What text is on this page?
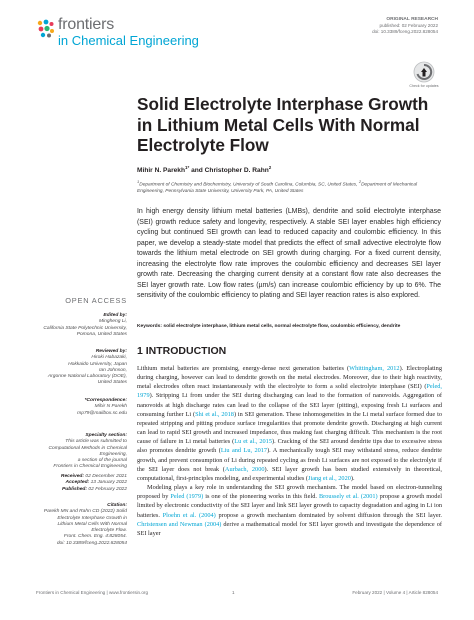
frontiers
in Chemical Engineering
ORIGINAL RESEARCH
published: 02 February 2022
doi: 10.3389/fceng.2022.828054
Check for updates
Solid Electrolyte Interphase Growth in Lithium Metal Cells With Normal Electrolyte Flow
Mihir N. Parekh$^{1*}$ and Christopher D. Rahn$^2$
$^1$Department of Chemistry and Biochemistry, University of South Carolina, Columbia, SC, United States, $^2$Department of Mechanical Engineering, Pennsylvania State University, University Park, PA, United States
In high energy density lithium metal batteries (LMBs), dendrite and solid electrolyte interphase (SEI) growth reduce safety and longevity, respectively. A stable SEI layer enables high efficiency cycling but continued SEI growth can lead to reduced capacity and coulombic efficiency. In this paper, we develop a steady-state model that predicts the effect of small advective electrolyte flow towards the lithium metal electrode on SEI growth during charging. For a fixed current density, increasing the electrolyte flow rate improves the coulombic efficiency and decreases SEI layer growth rate. Decreasing the charging current density at a constant flow rate also decreases the SEI layer growth rate. Low flow rates (µm/s) can increase coulombic efficiency by up to 6%. The sensitivity of the coulombic efficiency to plating and SEI layer reaction rates is also explored.
Keywords: solid electrolyte interphase, lithium metal cells, normal electrolyte flow, coulombic efficiency, dendrite
1 INTRODUCTION
Lithium metal batteries are promising, energy-dense next generation batteries (Whittingham, 2012). Electroplating during charging, however can lead to dendrite growth on the metal electrodes. Moreover, due to their high reactivity, metal electrodes often react instantaneously with the electrolyte to form a solid electrolyte interphase (SEI) (Peled, 1979). Stripping Li from under the SEI during discharging can lead to the formation of nanovoids. Aggregation of nanovoids at high discharge rates can lead to the collapse of the SEI layer (pitting), exposing fresh Li surfaces and consuming further Li (Shi et al., 2018) in SEI generation. These inhomogeneities in the Li metal surface formed due to repeated stripping and pitting produce surface irregularities that promote dendrite growth. Discharging at high current can lead to rapid SEI growth and increased impedance, thus making fast charging difficult. This mechanism is the root cause of failure in Li metal batteries (Lu et al., 2015). Cracking of the SEI around dendrite tips due to excessive stress also promotes dendrite growth (Liu and Lu, 2017). A mechanically tough SEI may withstand stress, reduce dendrite growth, and prevent consumption of Li during repeated cycling as fresh Li surfaces are not exposed to the electrolyte if the SEI layer does not break (Aurbach, 2000). SEI layer growth has been studied extensively in theoretical, computational, first-principles modeling, and experimental studies (Jiang et al., 2020).
Modeling plays a key role in understanding the SEI growth mechanism. The model based on electron-tunneling proposed by Peled (1979) is one of the pioneering works in this field. Broussely et al. (2001) propose a growth model limited by electronic conductivity of the SEI layer and link SEI layer growth to capacity degradation and aging in Li ion batteries. Ploehn et al. (2004) propose a growth mechanism dominated by solvent diffusion through the SEI layer. Christensen and Newman (2004) derive a mathematical model for SEI layer growth and investigate the dependence of SEI layer
OPEN ACCESS
Edited by:
Mingheng Li,
California State Polytechnic University,
Pomona, United States
Reviewed by:
Hiroki Habazaki,
Hokkaido University, Japan
Ian Johnson,
Argonne National Laboratory (DOE),
United States
*Correspondence:
Mihir N Parekh
mp79@mailbox.sc.edu
Specialty section:
This article was submitted to
Computational Methods in Chemical
Engineering,
a section of the journal
Frontiers in Chemical Engineering
Received: 02 December 2021
Accepted: 13 January 2022
Published: 02 February 2022
Citation:
Parekh MN and Rahn CD (2022) Solid
Electrolyte Interphase Growth in
Lithium Metal Cells With Normal
Electrolyte Flow.
Front. Chem. Eng. 4:828054.
doi: 10.3389/fceng.2022.828054
Frontiers in Chemical Engineering | www.frontiersin.org	1	February 2022 | Volume 4 | Article 828054
